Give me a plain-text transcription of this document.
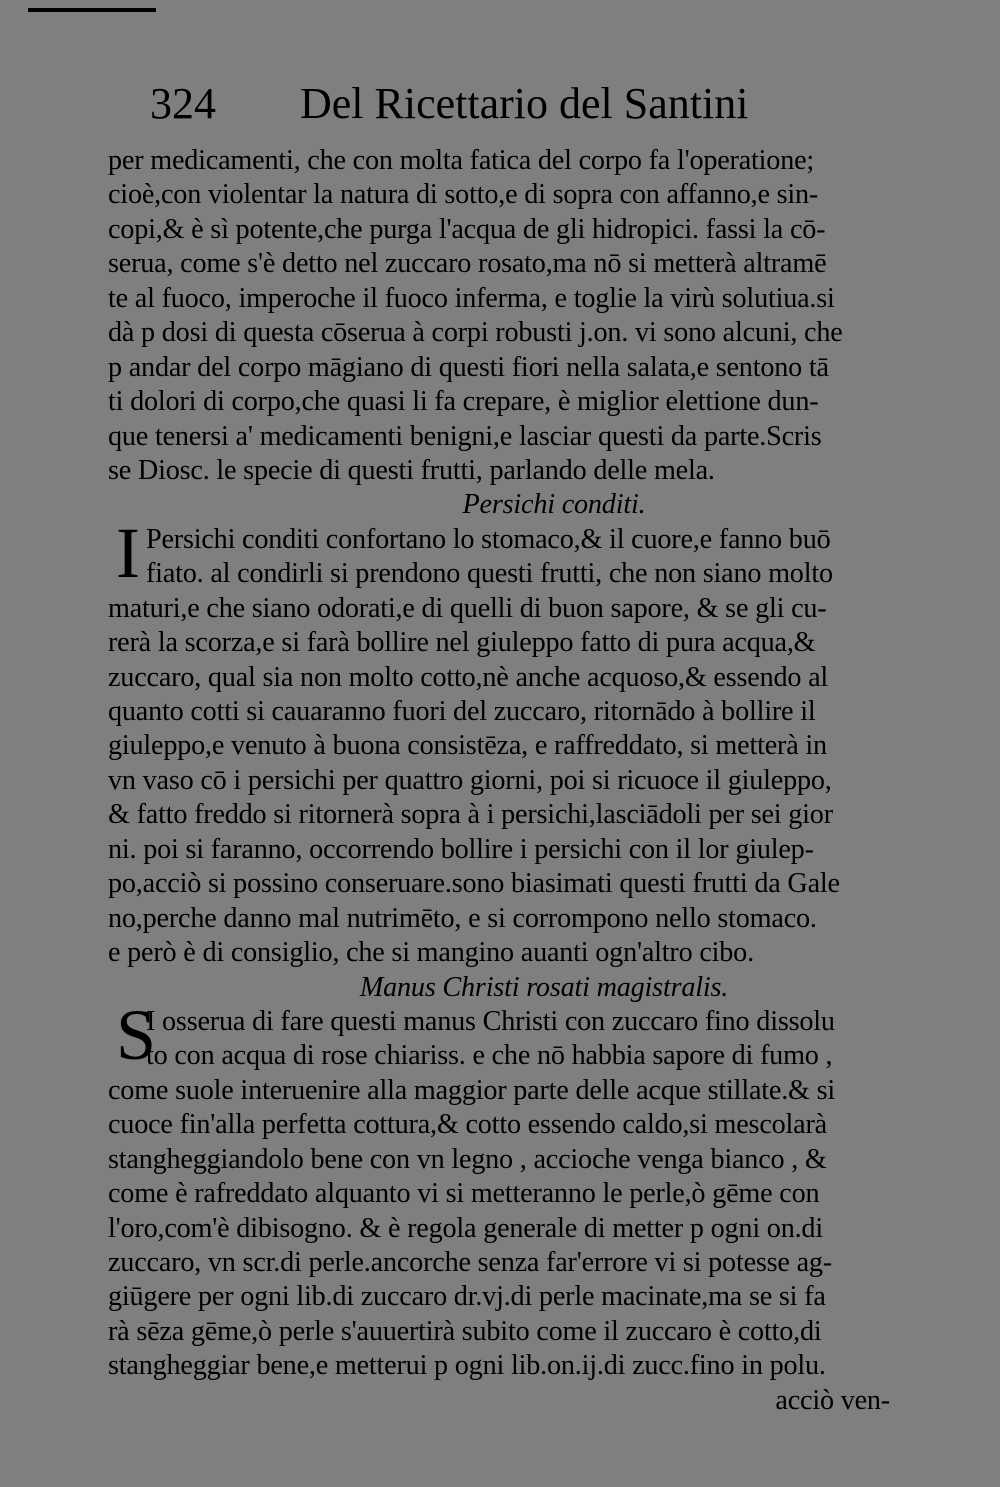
324 Del Ricettario del Santini
per medicamenti, che con molta fatica del corpo fa l'operatione;
cioè,con violentar la natura di sotto,e di sopra con affanno,e sin-
copi,& è sì potente,che purga l'acqua de gli hidropici. fassi la cō-
serua, come s'è detto nel zuccaro rosato,ma nō si metterà altramē
te al fuoco, imperoche il fuoco inferma, e toglie la virù solutiua.si
dà p dosi di questa cōserua à corpi robusti j.on. vi sono alcuni, che
p andar del corpo māgiano di questi fiori nella salata,e sentono tā
ti dolori di corpo,che quasi li fa crepare, è miglior elettione dun-
que tenersi a' medicamenti benigni,e lasciar questi da parte.Scris
se Diosc. le specie di questi frutti, parlando delle mela.
Persichi conditi.
I Persichi conditi confortano lo stomaco,& il cuore,e fanno buō
fiato. al condirli si prendono questi frutti, che non siano molto
maturi,e che siano odorati,e di quelli di buon sapore, & se gli cu-
rerà la scorza,e si farà bollire nel giuleppo fatto di pura acqua,&
zuccaro, qual sia non molto cotto,nè anche acquoso,& essendo al
quanto cotti si cauaranno fuori del zuccaro, ritornādo à bollire il
giuleppo,e venuto à buona consistēza, e raffreddato, si metterà in
vn vaso cō i persichi per quattro giorni, poi si ricuoce il giuleppo,
& fatto freddo si ritornerà sopra à i persichi,lasciādoli per sei gior
ni. poi si faranno, occorrendo bollire i persichi con il lor giulep-
po,acciò si possino conseruare.sono biasimati questi frutti da Gale
no,perche danno mal nutrimēto, e si corrompono nello stomaco.
e però è di consiglio, che si mangino auanti ogn'altro cibo.
Manus Christi rosati magistralis.
S
I osserua di fare questi manus Christi con zuccaro fino dissolu
to con acqua di rose chiariss. e che nō habbia sapore di fumo ,
come suole interuenire alla maggior parte delle acque stillate.& si
cuoce fin'alla perfetta cottura,& cotto essendo caldo,si mescolarà
stangheggiandolo bene con vn legno , accioche venga bianco , &
come è rafreddato alquanto vi si metteranno le perle,ò gēme con
l'oro,com'è dibisogno. & è regola generale di metter p ogni on.di
zuccaro, vn scr.di perle.ancorche senza far'errore vi si potesse ag-
giūgere per ogni lib.di zuccaro dr.vj.di perle macinate,ma se si fa
rà sēza gēme,ò perle s'auuertirà subito come il zuccaro è cotto,di
stangheggiar bene,e metterui p ogni lib.on.ij.di zucc.fino in polu.
acciò ven-
